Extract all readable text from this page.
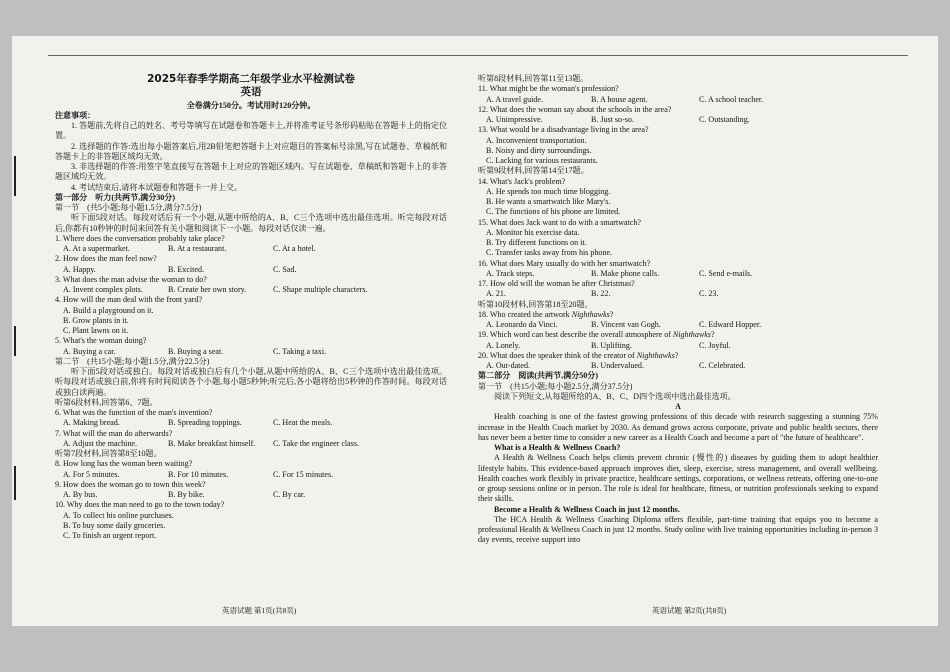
2025年春季学期高二年级学业水平检测试卷
英语
全卷满分150分。考试用时120分钟。
注意事项：
1. 答题前,先将自己的姓名、考号等填写在试题卷和答题卡上,并将准考证号条形码粘贴在答题卡上的指定位置。
2. 选择题的作答:选出每小题答案后,用2B铅笔把答题卡上对应题目的答案标号涂黑,写在试题卷、草稿纸和答题卡上的非答题区域均无效。
3. 非选择题的作答:用签字笔直接写在答题卡上对应的答题区域内。写在试题卷、草稿纸和答题卡上的非答题区域均无效。
4. 考试结束后,请将本试题卷和答题卡一并上交。
第一部分　听力(共两节,满分30分)
第一节　(共5小题;每小题1.5分,满分7.5分)
听下面5段对话。每段对话后有一个小题,从题中所给的A、B、C三个选项中选出最佳选项。听完每段对话后,你都有10秒钟的时间来回答有关小题和阅读下一小题。每段对话仅读一遍。
1. Where does the conversation probably take place?
A. At a supermarket.	B. At a restaurant.	C. At a hotel.
2. How does the man feel now?
A. Happy.	B. Excited.	C. Sad.
3. What does the man advise the woman to do?
A. Invent complex plots.	B. Create her own story.	C. Shape multiple characters.
4. How will the man deal with the front yard?
A. Build a playground on it.
B. Grow plants in it.
C. Plant lawns on it.
5. What's the woman doing?
A. Buying a car.	B. Buying a seat.	C. Taking a taxi.
第二节　(共15小题;每小题1.5分,满分22.5分)
听下面5段对话或独白。每段对话或独白后有几个小题,从题中所给的A、B、C三个选项中选出最佳选项。听每段对话或独白前,你将有时间阅读各个小题,每小题5秒钟;听完后,各小题将给出5秒钟的作答时间。每段对话或独白读两遍。
听第6段材料,回答第6、7题。
6. What was the function of the man's invention?
A. Making bread.	B. Spreading toppings.	C. Heat the meals.
7. What will the man do afterwards?
A. Adjust the machine.	B. Make breakfast himself.	C. Take the engineer class.
听第7段材料,回答第8至10题。
8. How long has the woman been waiting?
A. For 5 minutes.	B. For 10 minutes.	C. For 15 minutes.
9. How does the woman go to town this week?
A. By bus.	B. By bike.	C. By car.
10. Why does the man need to go to the town today?
A. To collect his online purchases.
B. To buy some daily groceries.
C. To finish an urgent report.
听第8段材料,回答第11至13题。
11. What might be the woman's profession?
A. A travel guide.	B. A house agent.	C. A school teacher.
12. What does the woman say about the schools in the area?
A. Unimpressive.	B. Just so-so.	C. Outstanding.
13. What would be a disadvantage living in the area?
A. Inconvenient transportation.
B. Noisy and dirty surroundings.
C. Lacking for various restaurants.
听第9段材料,回答第14至17题。
14. What's Jack's problem?
A. He spends too much time blogging.
B. He wants a smartwatch like Mary's.
C. The functions of his phone are limited.
15. What does Jack want to do with a smartwatch?
A. Monitor his exercise data.
B. Try different functions on it.
C. Transfer tasks away from his phone.
16. What does Mary usually do with her smartwatch?
A. Track steps.	B. Make phone calls.	C. Send e-mails.
17. How old will the woman be after Christmas?
A. 21.	B. 22.	C. 23.
听第10段材料,回答第18至20题。
18. Who created the artwork Nighthawks?
A. Leonardo da Vinci.	B. Vincent van Gogh.	C. Edward Hopper.
19. Which word can best describe the overall atmosphere of Nighthawks?
A. Lonely.	B. Uplifting.	C. Joyful.
20. What does the speaker think of the creator of Nighthawks?
A. Out-dated.	B. Undervalued.	C. Celebrated.
第二部分　阅读(共两节,满分50分)
第一节　(共15小题;每小题2.5分,满分37.5分)
阅读下列短文,从每题所给的A、B、C、D四个选项中选出最佳选项。
A
Health coaching is one of the fastest growing professions of this decade with research suggesting a stunning 75% increase in the Health Coach market by 2030. As demand grows across corporate, private and public health sectors, there has never been a better time to consider a new career as a Health Coach and become a part of "the future of healthcare".
What is a Health & Wellness Coach?
A Health & Wellness Coach helps clients prevent chronic (慢性的) diseases by guiding them to adopt healthier lifestyle habits. This evidence-based approach improves diet, sleep, exercise, stress management, and overall wellbeing. Health coaches work flexibly in private practice, healthcare settings, corporations, or wellness retreats, offering one-to-one or group sessions online or in person. The role is ideal for healthcare, fitness, or nutrition professionals seeking to expand their skills.
Become a Health & Wellness Coach in just 12 months.
The HCA Health & Wellness Coaching Diploma offers flexible, part-time training that equips you to become a professional Health & Wellness Coach in just 12 months. Study online with live training opportunities including in-person 3 day events, receive support into
英语试题 第1页(共8页)	英语试题 第2页(共8页)
